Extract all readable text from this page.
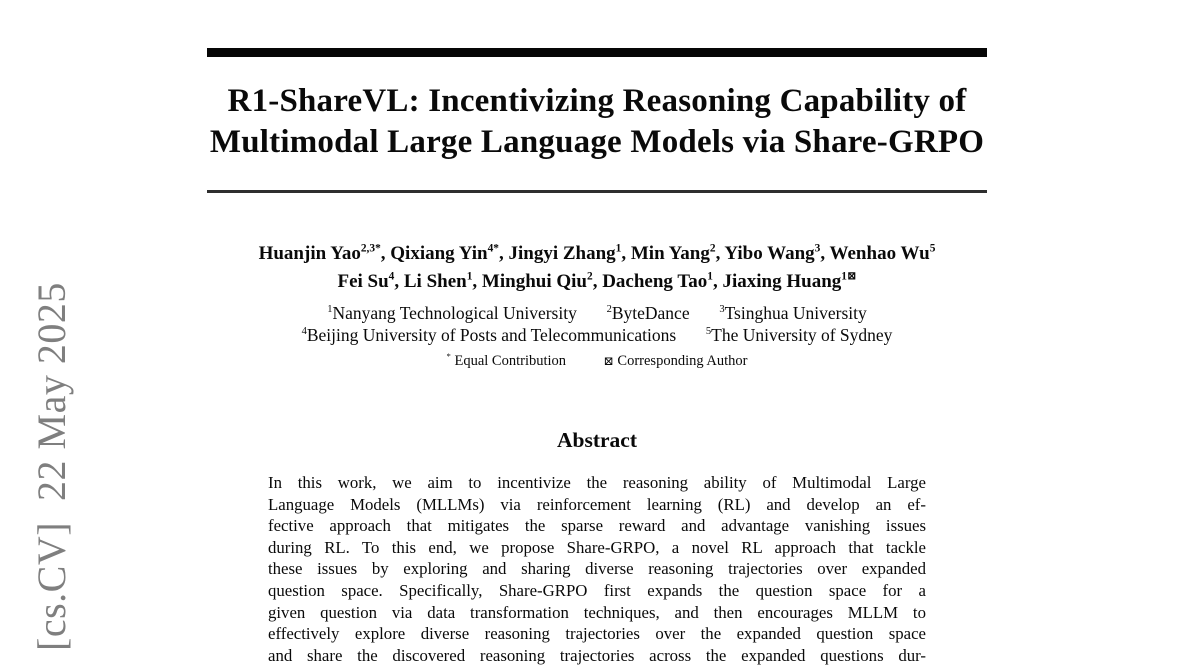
[cs.CV]  22 May 2025
R1-ShareVL: Incentivizing Reasoning Capability of
Multimodal Large Language Models via Share-GRPO
Huanjin Yao$^{2,3*}$, Qixiang Yin$^{4*}$, Jingyi Zhang$^1$, Min Yang$^2$, Yibo Wang$^3$, Wenhao Wu$^5$
Fei Su$^4$, Li Shen$^1$, Minghui Qiu$^2$, Dacheng Tao$^1$, Jiaxing Huang$^{1⊠}$
$^1$Nanyang Technological University	$^2$ByteDance	$^3$Tsinghua University
$^4$Beijing University of Posts and Telecommunications	$^5$The University of Sydney
* Equal Contribution	⊠ Corresponding Author
Abstract
In this work, we aim to incentivize the reasoning ability of Multimodal Large
Language Models (MLLMs) via reinforcement learning (RL) and develop an ef-
fective approach that mitigates the sparse reward and advantage vanishing issues
during RL. To this end, we propose Share-GRPO, a novel RL approach that tackle
these issues by exploring and sharing diverse reasoning trajectories over expanded
question space. Specifically, Share-GRPO first expands the question space for a
given question via data transformation techniques, and then encourages MLLM to
effectively explore diverse reasoning trajectories over the expanded question space
and share the discovered reasoning trajectories across the expanded questions dur-
